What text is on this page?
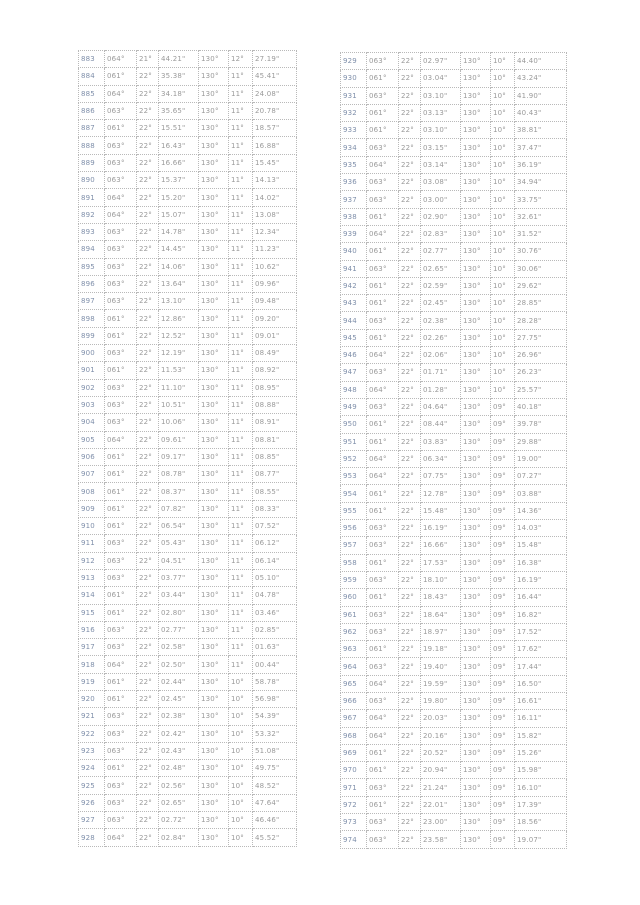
883	064°	21°	44.21"	130°	12°	27.19"
884	061°	22°	35.38"	130°	11°	45.41"
885	064°	22°	34.18"	130°	11°	24.08"
886	063°	22°	35.65"	130°	11°	20.78"
887	061°	22°	15.51"	130°	11°	18.57"
888	063°	22°	16.43"	130°	11°	16.88"
889	063°	22°	16.66"	130°	11°	15.45"
890	063°	22°	15.37"	130°	11°	14.13"
891	064°	22°	15.20"	130°	11°	14.02"
892	064°	22°	15.07"	130°	11°	13.08"
893	063°	22°	14.78"	130°	11°	12.34"
894	063°	22°	14.45"	130°	11°	11.23"
895	063°	22°	14.06"	130°	11°	10.62"
896	063°	22°	13.64"	130°	11°	09.96"
897	063°	22°	13.10"	130°	11°	09.48"
898	061°	22°	12.86"	130°	11°	09.20"
899	061°	22°	12.52"	130°	11°	09.01"
900	063°	22°	12.19"	130°	11°	08.49"
901	061°	22°	11.53"	130°	11°	08.92"
902	063°	22°	11.10"	130°	11°	08.95"
903	063°	22°	10.51"	130°	11°	08.88"
904	063°	22°	10.06"	130°	11°	08.91"
905	064°	22°	09.61"	130°	11°	08.81"
906	061°	22°	09.17"	130°	11°	08.85"
907	061°	22°	08.78"	130°	11°	08.77"
908	061°	22°	08.37"	130°	11°	08.55"
909	061°	22°	07.82"	130°	11°	08.33"
910	061°	22°	06.54"	130°	11°	07.52"
911	063°	22°	05.43"	130°	11°	06.12"
912	063°	22°	04.51"	130°	11°	06.14"
913	063°	22°	03.77"	130°	11°	05.10"
914	061°	22°	03.44"	130°	11°	04.78"
915	061°	22°	02.80"	130°	11°	03.46"
916	063°	22°	02.77"	130°	11°	02.85"
917	063°	22°	02.58"	130°	11°	01.63"
918	064°	22°	02.50"	130°	11°	00.44"
919	061°	22°	02.44"	130°	10°	58.78"
920	061°	22°	02.45"	130°	10°	56.98"
921	063°	22°	02.38"	130°	10°	54.39"
922	063°	22°	02.42"	130°	10°	53.32"
923	063°	22°	02.43"	130°	10°	51.08"
924	061°	22°	02.48"	130°	10°	49.75"
925	063°	22°	02.56"	130°	10°	48.52"
926	063°	22°	02.65"	130°	10°	47.64"
927	063°	22°	02.72"	130°	10°	46.46"
928	064°	22°	02.84"	130°	10°	45.52"
929	063°	22°	02.97"	130°	10°	44.40"
930	061°	22°	03.04"	130°	10°	43.24"
931	063°	22°	03.10"	130°	10°	41.90"
932	061°	22°	03.13"	130°	10°	40.43"
933	061°	22°	03.10"	130°	10°	38.81"
934	063°	22°	03.15"	130°	10°	37.47"
935	064°	22°	03.14"	130°	10°	36.19"
936	063°	22°	03.08"	130°	10°	34.94"
937	063°	22°	03.00"	130°	10°	33.75"
938	061°	22°	02.90"	130°	10°	32.61"
939	064°	22°	02.83"	130°	10°	31.52"
940	061°	22°	02.77"	130°	10°	30.76"
941	063°	22°	02.65"	130°	10°	30.06"
942	061°	22°	02.59"	130°	10°	29.62"
943	061°	22°	02.45"	130°	10°	28.85"
944	063°	22°	02.38"	130°	10°	28.28"
945	061°	22°	02.26"	130°	10°	27.75"
946	064°	22°	02.06"	130°	10°	26.96"
947	063°	22°	01.71"	130°	10°	26.23"
948	064°	22°	01.28"	130°	10°	25.57"
949	063°	22°	04.64"	130°	09°	40.18"
950	061°	22°	08.44"	130°	09°	39.78"
951	061°	22°	03.83"	130°	09°	29.88"
952	064°	22°	06.34"	130°	09°	19.00"
953	064°	22°	07.75"	130°	09°	07.27"
954	061°	22°	12.78"	130°	09°	03.88"
955	061°	22°	15.48"	130°	09°	14.36"
956	063°	22°	16.19"	130°	09°	14.03"
957	063°	22°	16.66"	130°	09°	15.48"
958	061°	22°	17.53"	130°	09°	16.38"
959	063°	22°	18.10"	130°	09°	16.19"
960	061°	22°	18.43"	130°	09°	16.44"
961	063°	22°	18.64"	130°	09°	16.82"
962	063°	22°	18.97"	130°	09°	17.52"
963	061°	22°	19.18"	130°	09°	17.62"
964	063°	22°	19.40"	130°	09°	17.44"
965	064°	22°	19.59"	130°	09°	16.50"
966	063°	22°	19.80"	130°	09°	16.61"
967	064°	22°	20.03"	130°	09°	16.11"
968	064°	22°	20.16"	130°	09°	15.82"
969	061°	22°	20.52"	130°	09°	15.26"
970	061°	22°	20.94"	130°	09°	15.98"
971	063°	22°	21.24"	130°	09°	16.10"
972	061°	22°	22.01"	130°	09°	17.39"
973	063°	22°	23.00"	130°	09°	18.56"
974	063°	22°	23.58"	130°	09°	19.07"
